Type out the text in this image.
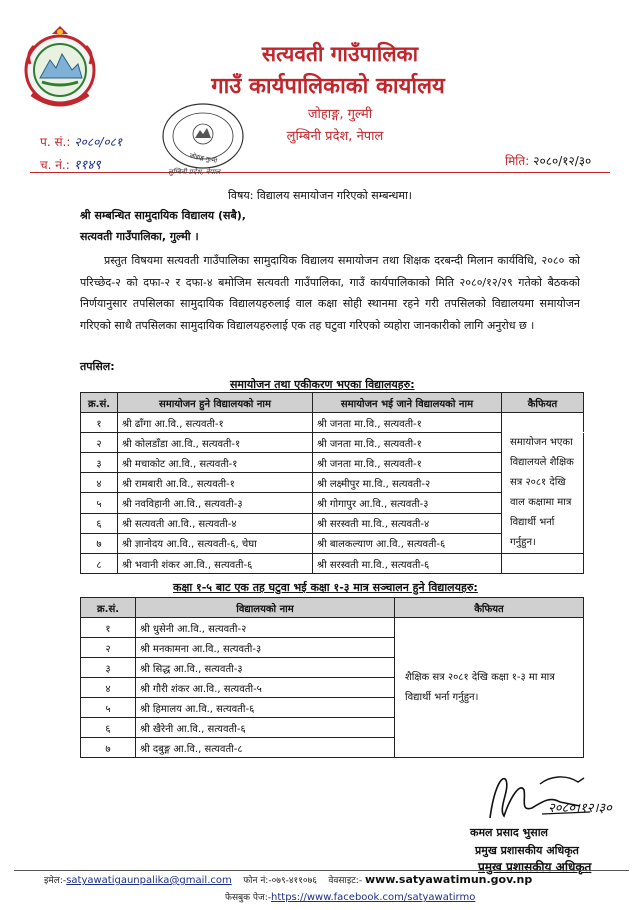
सत्यवती गाउँपालिका
गाउँ कार्यपालिकाको कार्यालय
जोहाङ्ग, गुल्मी
लुम्बिनी प्रदेश, नेपाल
प. सं.: २०८०/०८१
च. नं.: ११४९	मिति: २०८०/१२/३०
जोहाङ्ग गुल्मी
लुम्बिनी प्रदेश, नेपाल
विषय: विद्यालय समायोजन गरिएको सम्बन्धमा।
श्री सम्बन्धित सामुदायिक विद्यालय (सबै),
सत्यवती गाउँपालिका, गुल्मी ।
प्रस्तुत विषयमा सत्यवती गाउँपालिका सामुदायिक विद्यालय समायोजन तथा शिक्षक दरबन्दी मिलान कार्यविधि, २०८० को परिच्छेद-२ को दफा-२ र दफा-४ बमोजिम सत्यवती गाउँपालिका, गाउँ कार्यपालिकाको मिति २०८०/१२/२९ गतेको बैठकको निर्णयानुसार तपसिलका सामुदायिक विद्यालयहरुलाई वाल कक्षा सोही स्थानमा रहने गरी तपसिलको विद्यालयमा समायोजन गरिएको साथै तपसिलका सामुदायिक विद्यालयहरुलाई एक तह घटुवा गरिएको व्यहोरा जानकारीको लागि अनुरोध छ ।
तपसिल:
समायोजन तथा एकीकरण भएका विद्यालयहरु:
क्र.सं.	समायोजन हुने विद्यालयको नाम	समायोजन भई जाने विद्यालयको नाम	कैफियत
१	श्री ढाँगा आ.वि., सत्यवती-१	श्री जनता मा.वि., सत्यवती-१	
२	श्री कोलडाँडा आ.वि., सत्यवती-१	श्री जनता मा.वि., सत्यवती-१	समायोजन भएका विद्यालयले शैक्षिक सत्र २०८१ देखि वाल कक्षामा मात्र विद्यार्थी भर्ना गर्नुहुन।
३	श्री मचाकोट आ.वि., सत्यवती-१	श्री जनता मा.वि., सत्यवती-१	
४	श्री रामबारी आ.वि., सत्यवती-१	श्री लक्ष्मीपुर मा.वि., सत्यवती-२	
५	श्री नवविहानी आ.वि., सत्यवती-३	श्री गोगापुर आ.वि., सत्यवती-३	
६	श्री सत्यवती आ.वि., सत्यवती-४	श्री सरस्वती मा.वि., सत्यवती-४	
७	श्री ज्ञानोदय आ.वि., सत्यवती-६, चेघा	श्री बालकल्याण आ.वि., सत्यवती-६	
८	श्री भवानी शंकर आ.वि., सत्यवती-६	श्री सरस्वती मा.वि., सत्यवती-६	
कक्षा १-५ बाट एक तह घटुवा भई कक्षा १-३ मात्र सञ्चालन हुने विद्यालयहरु:
क्र.सं.	विद्यालयको नाम	कैफियत
१	श्री धुसेनी आ.वि., सत्यवती-२	शैक्षिक सत्र २०८१ देखि कक्षा १-३ मा मात्र विद्यार्थी भर्ना गर्नुहुन।
२	श्री मनकामना आ.वि., सत्यवती-३	
३	श्री सिद्ध आ.वि., सत्यवती-३	
४	श्री गौरी शंकर आ.वि., सत्यवती-५	
५	श्री हिमालय आ.वि., सत्यवती-६	
६	श्री खैरेनी आ.वि., सत्यवती-६	
७	श्री दबुङ्ग आ.वि., सत्यवती-८	
२०८०।१२।३०
कमल प्रसाद भुसाल
प्रमुख प्रशासकीय अधिकृत
प्रमुख प्रशासकीय अधिकृत
इमेल:-satyawatigaunpalika@gmail.com फोन नं:-०७९-४११०७६ वेवसाइट:- www.satyawatimun.gov.np
फेसबुक पेज:-https://www.facebook.com/satyawatirmo
